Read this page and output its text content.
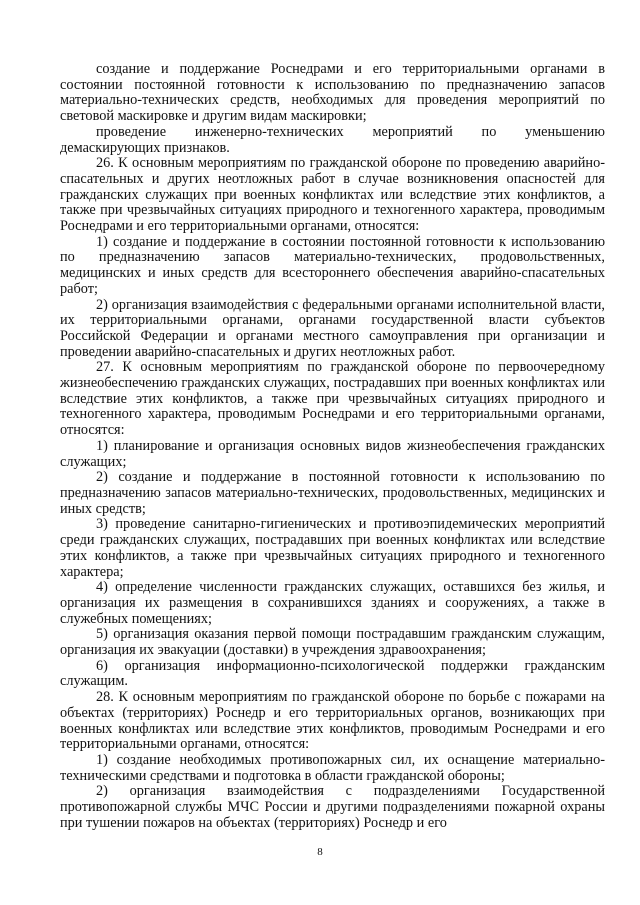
создание и поддержание Роснедрами и его территориальными органами в состоянии постоянной готовности к использованию по предназначению запасов материально-технических средств, необходимых для проведения мероприятий по световой маскировке и другим видам маскировки;

проведение инженерно-технических мероприятий по уменьшению демаскирующих признаков.

26. К основным мероприятиям по гражданской обороне по проведению аварийно-спасательных и других неотложных работ в случае возникновения опасностей для гражданских служащих при военных конфликтах или вследствие этих конфликтов, а также при чрезвычайных ситуациях природного и техногенного характера, проводимым Роснедрами и его территориальными органами, относятся:

1) создание и поддержание в состоянии постоянной готовности к использованию по предназначению запасов материально-технических, продовольственных, медицинских и иных средств для всестороннего обеспечения аварийно-спасательных работ;

2) организация взаимодействия с федеральными органами исполнительной власти, их территориальными органами, органами государственной власти субъектов Российской Федерации и органами местного самоуправления при организации и проведении аварийно-спасательных и других неотложных работ.

27. К основным мероприятиям по гражданской обороне по первоочередному жизнеобеспечению гражданских служащих, пострадавших при военных конфликтах или вследствие этих конфликтов, а также при чрезвычайных ситуациях природного и техногенного характера, проводимым Роснедрами и его территориальными органами, относятся:

1) планирование и организация основных видов жизнеобеспечения гражданских служащих;

2) создание и поддержание в постоянной готовности к использованию по предназначению запасов материально-технических, продовольственных, медицинских и иных средств;

3) проведение санитарно-гигиенических и противоэпидемических мероприятий среди гражданских служащих, пострадавших при военных конфликтах или вследствие этих конфликтов, а также при чрезвычайных ситуациях природного и техногенного характера;

4) определение численности гражданских служащих, оставшихся без жилья, и организация их размещения в сохранившихся зданиях и сооружениях, а также в служебных помещениях;

5) организация оказания первой помощи пострадавшим гражданским служащим, организация их эвакуации (доставки) в учреждения здравоохранения;

6) организация информационно-психологической поддержки гражданским служащим.

28. К основным мероприятиям по гражданской обороне по борьбе с пожарами на объектах (территориях) Роснедр и его территориальных органов, возникающих при военных конфликтах или вследствие этих конфликтов, проводимым Роснедрами и его территориальными органами, относятся:

1) создание необходимых противопожарных сил, их оснащение материально-техническими средствами и подготовка в области гражданской обороны;

2) организация взаимодействия с подразделениями Государственной противопожарной службы МЧС России и другими подразделениями пожарной охраны при тушении пожаров на объектах (территориях) Роснедр и его

8
